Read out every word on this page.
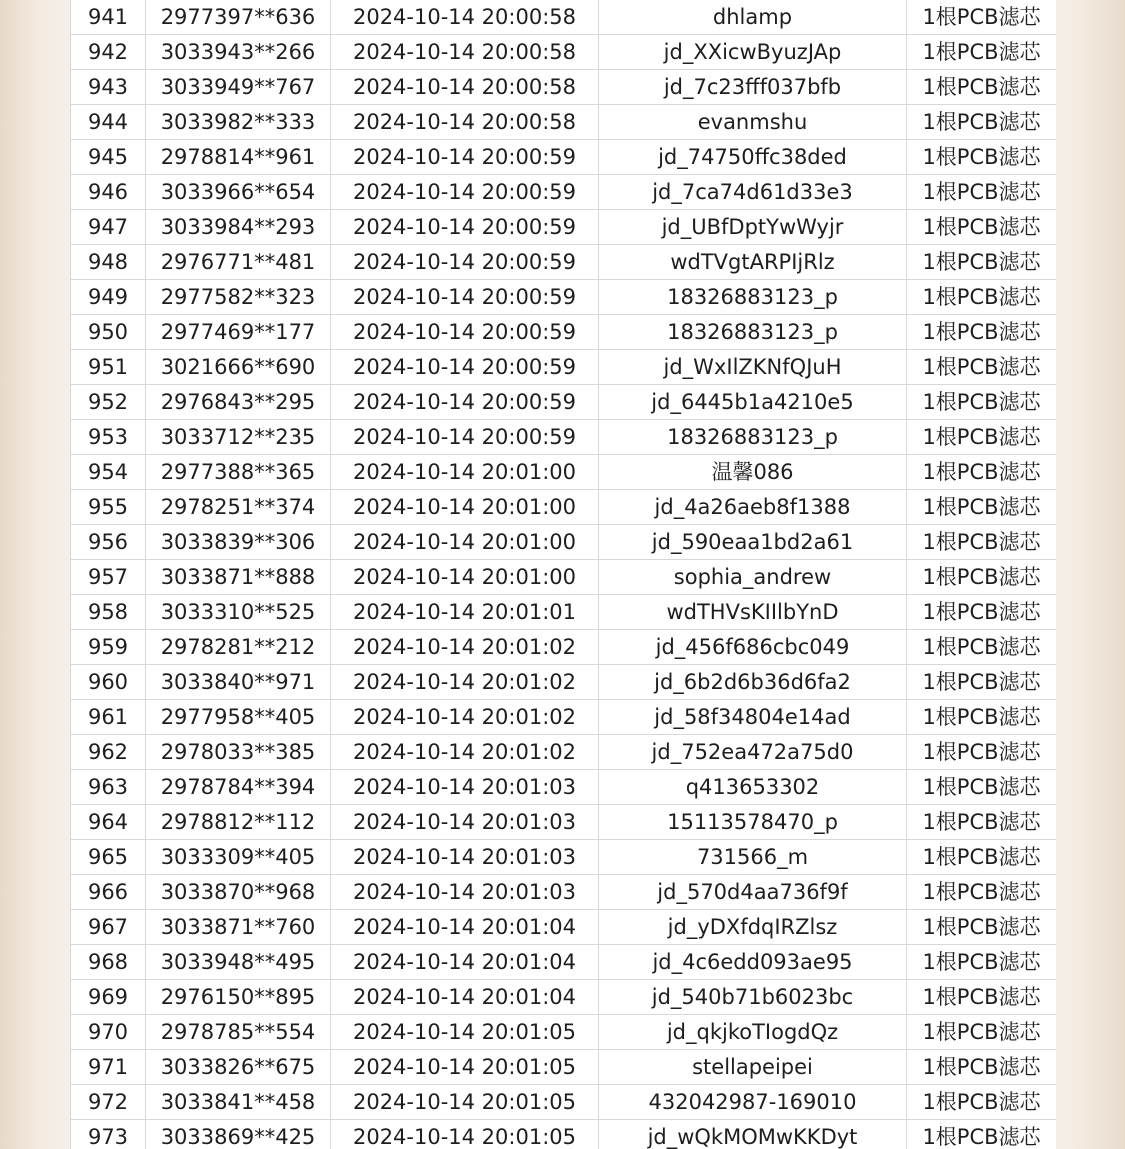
941	2977397**636	2024-10-14 20:00:58	dhlamp	1根PCB滤芯
942	3033943**266	2024-10-14 20:00:58	jd_XXicwByuzJAp	1根PCB滤芯
943	3033949**767	2024-10-14 20:00:58	jd_7c23fff037bfb	1根PCB滤芯
944	3033982**333	2024-10-14 20:00:58	evanmshu	1根PCB滤芯
945	2978814**961	2024-10-14 20:00:59	jd_74750ffc38ded	1根PCB滤芯
946	3033966**654	2024-10-14 20:00:59	jd_7ca74d61d33e3	1根PCB滤芯
947	3033984**293	2024-10-14 20:00:59	jd_UBfDptYwWyjr	1根PCB滤芯
948	2976771**481	2024-10-14 20:00:59	wdTVgtARPIjRlz	1根PCB滤芯
949	2977582**323	2024-10-14 20:00:59	18326883123_p	1根PCB滤芯
950	2977469**177	2024-10-14 20:00:59	18326883123_p	1根PCB滤芯
951	3021666**690	2024-10-14 20:00:59	jd_WxIlZKNfQJuH	1根PCB滤芯
952	2976843**295	2024-10-14 20:00:59	jd_6445b1a4210e5	1根PCB滤芯
953	3033712**235	2024-10-14 20:00:59	18326883123_p	1根PCB滤芯
954	2977388**365	2024-10-14 20:01:00	温馨086	1根PCB滤芯
955	2978251**374	2024-10-14 20:01:00	jd_4a26aeb8f1388	1根PCB滤芯
956	3033839**306	2024-10-14 20:01:00	jd_590eaa1bd2a61	1根PCB滤芯
957	3033871**888	2024-10-14 20:01:00	sophia_andrew	1根PCB滤芯
958	3033310**525	2024-10-14 20:01:01	wdTHVsKIIlbYnD	1根PCB滤芯
959	2978281**212	2024-10-14 20:01:02	jd_456f686cbc049	1根PCB滤芯
960	3033840**971	2024-10-14 20:01:02	jd_6b2d6b36d6fa2	1根PCB滤芯
961	2977958**405	2024-10-14 20:01:02	jd_58f34804e14ad	1根PCB滤芯
962	2978033**385	2024-10-14 20:01:02	jd_752ea472a75d0	1根PCB滤芯
963	2978784**394	2024-10-14 20:01:03	q413653302	1根PCB滤芯
964	2978812**112	2024-10-14 20:01:03	15113578470_p	1根PCB滤芯
965	3033309**405	2024-10-14 20:01:03	731566_m	1根PCB滤芯
966	3033870**968	2024-10-14 20:01:03	jd_570d4aa736f9f	1根PCB滤芯
967	3033871**760	2024-10-14 20:01:04	jd_yDXfdqIRZlsz	1根PCB滤芯
968	3033948**495	2024-10-14 20:01:04	jd_4c6edd093ae95	1根PCB滤芯
969	2976150**895	2024-10-14 20:01:04	jd_540b71b6023bc	1根PCB滤芯
970	2978785**554	2024-10-14 20:01:05	jd_qkjkoTIogdQz	1根PCB滤芯
971	3033826**675	2024-10-14 20:01:05	stellapeipei	1根PCB滤芯
972	3033841**458	2024-10-14 20:01:05	432042987-169010	1根PCB滤芯
973	3033869**425	2024-10-14 20:01:05	jd_wQkMOMwKKDyt	1根PCB滤芯
